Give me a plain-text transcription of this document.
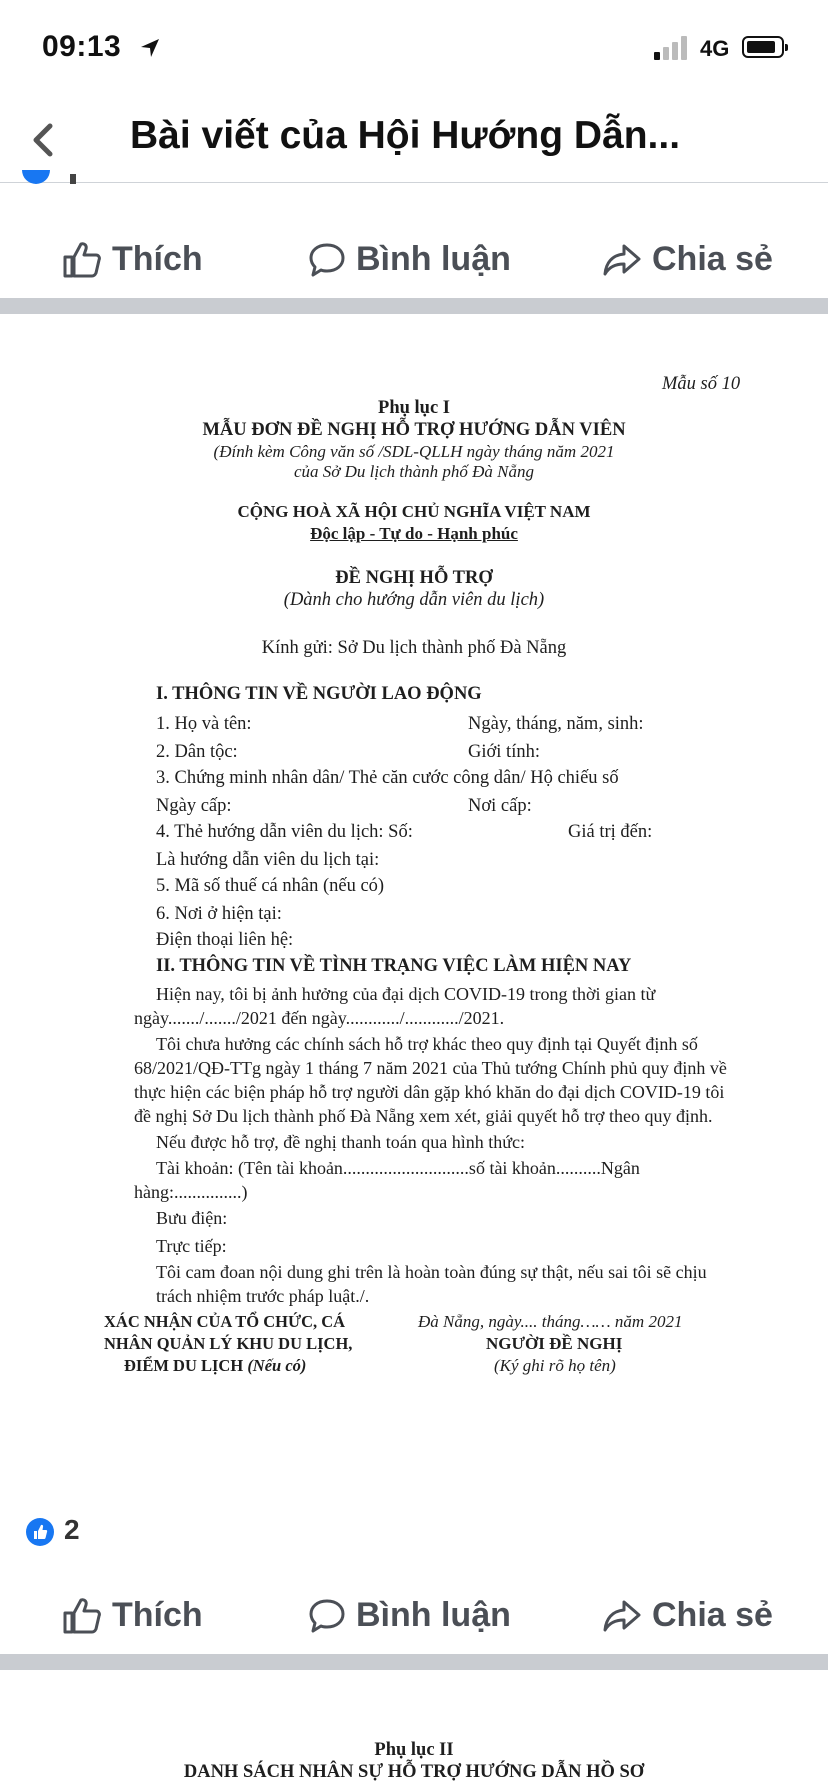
09:13	4G
Bài viết của Hội Hướng Dẫn...
Thích	Bình luận	Chia sẻ
Mẫu số 10
Phụ lục I
MẪU ĐƠN ĐỀ NGHỊ HỖ TRỢ HƯỚNG DẪN VIÊN
(Đính kèm Công văn số /SDL-QLLH ngày tháng năm 2021
của Sở Du lịch thành phố Đà Nẵng
CỘNG HOÀ XÃ HỘI CHỦ NGHĨA VIỆT NAM
Độc lập - Tự do - Hạnh phúc
ĐỀ NGHỊ HỖ TRỢ
(Dành cho hướng dẫn viên du lịch)
Kính gửi: Sở Du lịch thành phố Đà Nẵng
I. THÔNG TIN VỀ NGƯỜI LAO ĐỘNG
1. Họ và tên:	Ngày, tháng, năm, sinh:
2. Dân tộc:	Giới tính:
3. Chứng minh nhân dân/ Thẻ căn cước công dân/ Hộ chiếu số
Ngày cấp:	Nơi cấp:
4. Thẻ hướng dẫn viên du lịch: Số:	Giá trị đến:
Là hướng dẫn viên du lịch tại:
5. Mã số thuế cá nhân (nếu có)
6. Nơi ở hiện tại:
Điện thoại liên hệ:
II. THÔNG TIN VỀ TÌNH TRẠNG VIỆC LÀM HIỆN NAY
Hiện nay, tôi bị ảnh hưởng của đại dịch COVID-19 trong thời gian từ
ngày......./......./2021 đến ngày............/............/2021.
Tôi chưa hưởng các chính sách hỗ trợ khác theo quy định tại Quyết định số
68/2021/QĐ-TTg ngày 1 tháng 7 năm 2021 của Thủ tướng Chính phủ quy định về
thực hiện các biện pháp hỗ trợ người dân gặp khó khăn do đại dịch COVID-19 tôi
đề nghị Sở Du lịch thành phố Đà Nẵng xem xét, giải quyết hỗ trợ theo quy định.
Nếu được hỗ trợ, đề nghị thanh toán qua hình thức:
Tài khoản: (Tên tài khoản............................số tài khoản..........Ngân
hàng:...............)
Bưu điện:
Trực tiếp:
Tôi cam đoan nội dung ghi trên là hoàn toàn đúng sự thật, nếu sai tôi sẽ chịu
trách nhiệm trước pháp luật./.
XÁC NHẬN CỦA TỔ CHỨC, CÁ
NHÂN QUẢN LÝ KHU DU LỊCH,
ĐIỂM DU LỊCH (Nếu có)
Đà Nẵng, ngày.... tháng…… năm 2021
NGƯỜI ĐỀ NGHỊ
(Ký ghi rõ họ tên)
2
Thích	Bình luận	Chia sẻ
Phụ lục II
DANH SÁCH NHÂN SỰ HỖ TRỢ HƯỚNG DẪN HỒ SƠ
